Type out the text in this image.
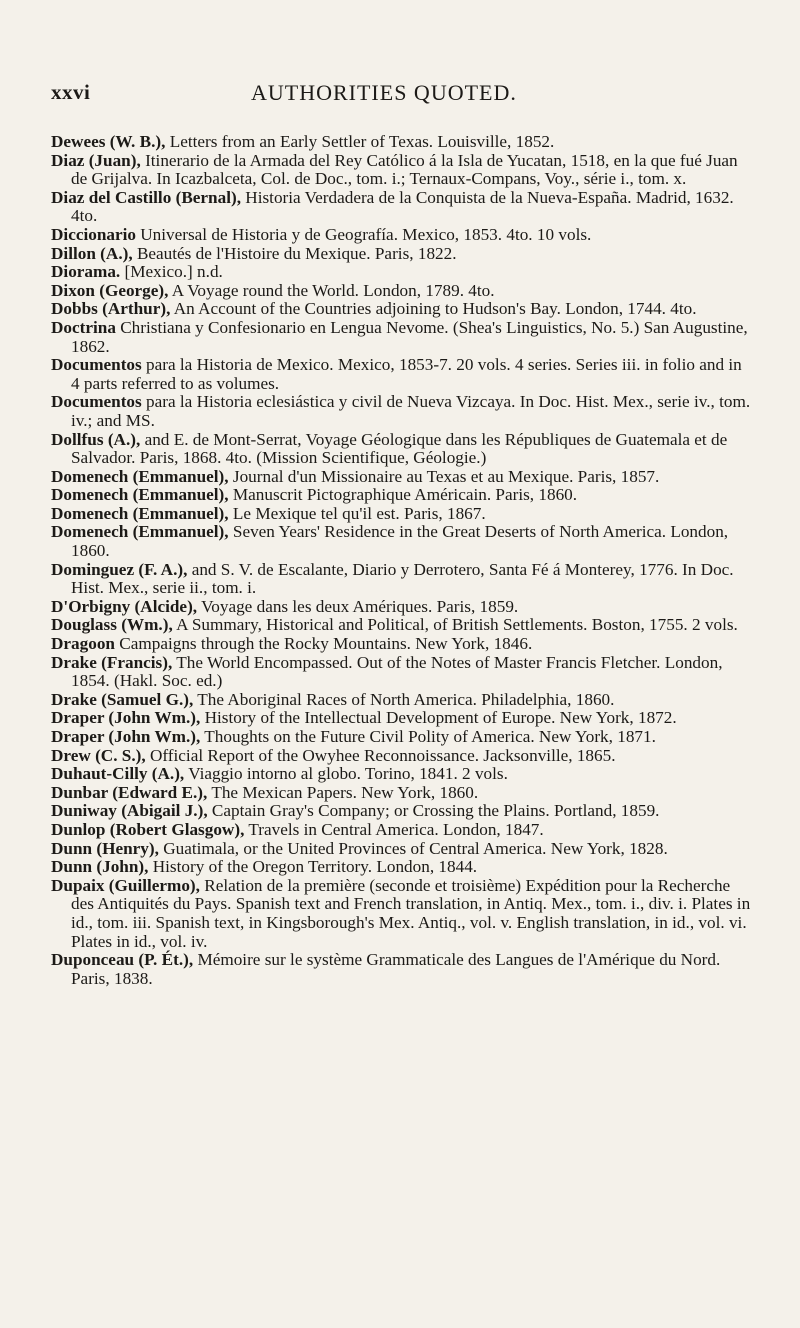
xxvi	AUTHORITIES QUOTED.
Dewees (W. B.), Letters from an Early Settler of Texas. Louisville, 1852.
Diaz (Juan), Itinerario de la Armada del Rey Católico á la Isla de Yucatan, 1518, en la que fué Juan de Grijalva. In Icazbalceta, Col. de Doc., tom. i.; Ternaux-Compans, Voy., série i., tom. x.
Diaz del Castillo (Bernal), Historia Verdadera de la Conquista de la Nueva-España. Madrid, 1632. 4to.
Diccionario Universal de Historia y de Geografía. Mexico, 1853. 4to. 10 vols.
Dillon (A.), Beautés de l'Histoire du Mexique. Paris, 1822.
Diorama. [Mexico.] n.d.
Dixon (George), A Voyage round the World. London, 1789. 4to.
Dobbs (Arthur), An Account of the Countries adjoining to Hudson's Bay. London, 1744. 4to.
Doctrina Christiana y Confesionario en Lengua Nevome. (Shea's Linguistics, No. 5.) San Augustine, 1862.
Documentos para la Historia de Mexico. Mexico, 1853-7. 20 vols. 4 series. Series iii. in folio and in 4 parts referred to as volumes.
Documentos para la Historia eclesiástica y civil de Nueva Vizcaya. In Doc. Hist. Mex., serie iv., tom. iv.; and MS.
Dollfus (A.), and E. de Mont-Serrat, Voyage Géologique dans les Républiques de Guatemala et de Salvador. Paris, 1868. 4to. (Mission Scientifique, Géologie.)
Domenech (Emmanuel), Journal d'un Missionaire au Texas et au Mexique. Paris, 1857.
Domenech (Emmanuel), Manuscrit Pictographique Américain. Paris, 1860.
Domenech (Emmanuel), Le Mexique tel qu'il est. Paris, 1867.
Domenech (Emmanuel), Seven Years' Residence in the Great Deserts of North America. London, 1860.
Dominguez (F. A.), and S. V. de Escalante, Diario y Derrotero, Santa Fé á Monterey, 1776. In Doc. Hist. Mex., serie ii., tom. i.
D'Orbigny (Alcide), Voyage dans les deux Amériques. Paris, 1859.
Douglass (Wm.), A Summary, Historical and Political, of British Settlements. Boston, 1755. 2 vols.
Dragoon Campaigns through the Rocky Mountains. New York, 1846.
Drake (Francis), The World Encompassed. Out of the Notes of Master Francis Fletcher. London, 1854. (Hakl. Soc. ed.)
Drake (Samuel G.), The Aboriginal Races of North America. Philadelphia, 1860.
Draper (John Wm.), History of the Intellectual Development of Europe. New York, 1872.
Draper (John Wm.), Thoughts on the Future Civil Polity of America. New York, 1871.
Drew (C. S.), Official Report of the Owyhee Reconnoissance. Jacksonville, 1865.
Duhaut-Cilly (A.), Viaggio intorno al globo. Torino, 1841. 2 vols.
Dunbar (Edward E.), The Mexican Papers. New York, 1860.
Duniway (Abigail J.), Captain Gray's Company; or Crossing the Plains. Portland, 1859.
Dunlop (Robert Glasgow), Travels in Central America. London, 1847.
Dunn (Henry), Guatimala, or the United Provinces of Central America. New York, 1828.
Dunn (John), History of the Oregon Territory. London, 1844.
Dupaix (Guillermo), Relation de la première (seconde et troisième) Expédition pour la Recherche des Antiquités du Pays. Spanish text and French translation, in Antiq. Mex., tom. i., div. i. Plates in id., tom. iii. Spanish text, in Kingsborough's Mex. Antiq., vol. v. English translation, in id., vol. vi. Plates in id., vol. iv.
Duponceau (P. Ét.), Mémoire sur le système Grammaticale des Langues de l'Amérique du Nord. Paris, 1838.
